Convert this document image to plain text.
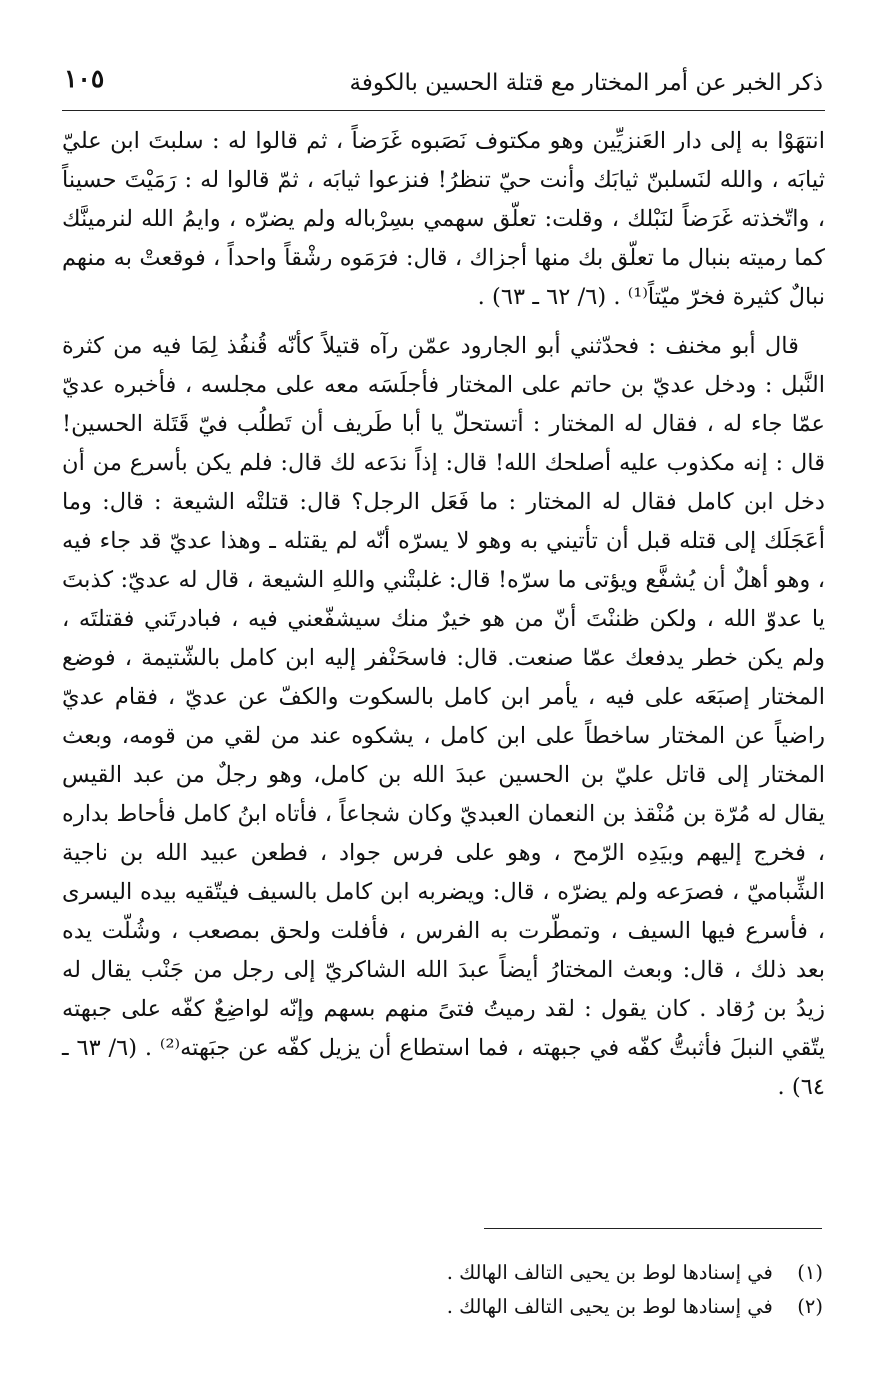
ذكر الخبر عن أمر المختار مع قتلة الحسين بالكوفة
١٠٥

انتهَوْا به إلى دار العَنزيِّين وهو مكتوف نَصَبوه غَرَضاً ، ثم قالوا له : سلبتَ ابن عليّ ثيابَه ، والله لنَسلبنّ ثيابَك وأنت حيّ تنظرُ! فنزعوا ثيابَه ، ثمّ قالوا له : رَمَيْتَ حسيناً ، واتّخذته غَرَضاً لنَبْلك ، وقلت: تعلّق سهمي بسِرْباله ولم يضرّه ، وايمُ الله لنرمينَّك كما رميته بنبال ما تعلّق بك منها أجزاك ، قال: فرَمَوه رشْقاً واحداً ، فوقعتْ به منهم نبالٌ كثيرة فخرّ ميّتاً⁽¹⁾ . (٦/ ٦٢ ـ ٦٣) .

قال أبو مخنف : فحدّثني أبو الجارود عمّن رآه قتيلاً كأنّه قُنفُذ لِمَا فيه من كثرة النَّبل : ودخل عديّ بن حاتم على المختار فأجلَسَه معه على مجلسه ، فأخبره عديّ عمّا جاء له ، فقال له المختار : أتستحلّ يا أبا طَريف أن تَطلُب فيّ قَتَلة الحسين! قال : إنه مكذوب عليه أصلحك الله! قال: إذاً ندَعه لك قال: فلم يكن بأسرع من أن دخل ابن كامل فقال له المختار : ما فَعَل الرجل؟ قال: قتلتْه الشيعة : قال: وما أعَجَلَك إلى قتله قبل أن تأتيني به وهو لا يسرّه أنّه لم يقتله ـ وهذا عديّ قد جاء فيه ، وهو أهلٌ أن يُشفَّع ويؤتى ما سرّه! قال: غلبتْني واللهِ الشيعة ، قال له عديّ: كذبتَ يا عدوّ الله ، ولكن ظننْتَ أنّ من هو خيرٌ منك سيشفّعني فيه ، فبادرتَني فقتلتَه ، ولم يكن خطر يدفعك عمّا صنعت. قال: فاسحَنْفر إليه ابن كامل بالشّتيمة ، فوضع المختار إصبَعَه على فيه ، يأمر ابن كامل بالسكوت والكفّ عن عديّ ، فقام عديّ راضياً عن المختار ساخطاً على ابن كامل ، يشكوه عند من لقي من قومه، وبعث المختار إلى قاتل عليّ بن الحسين عبدَ الله بن كامل، وهو رجلٌ من عبد القيس يقال له مُرّة بن مُنْقذ بن النعمان العبديّ وكان شجاعاً ، فأتاه ابنُ كامل فأحاط بداره ، فخرج إليهم وبيَدِه الرّمح ، وهو على فرس جواد ، فطعن عبيد الله بن ناجية الشِّباميّ ، فصرَعه ولم يضرّه ، قال: ويضربه ابن كامل بالسيف فيتّقيه بيده اليسرى ، فأسرع فيها السيف ، وتمطّرت به الفرس ، فأفلت ولحق بمصعب ، وشُلّت يده بعد ذلك ، قال: وبعث المختارُ أيضاً عبدَ الله الشاكريّ إلى رجل من جَنْب يقال له زيدُ بن رُقاد . كان يقول : لقد رميتُ فتىً منهم بسهم وإنّه لواضِعٌ كفّه على جبهته يتّقي النبلَ فأثبتُّ كفّه في جبهته ، فما استطاع أن يزيل كفّه عن جبَهته⁽²⁾ . (٦/ ٦٣ ـ ٦٤) .

(١) في إسنادها لوط بن يحيى التالف الهالك .
(٢) في إسنادها لوط بن يحيى التالف الهالك .
